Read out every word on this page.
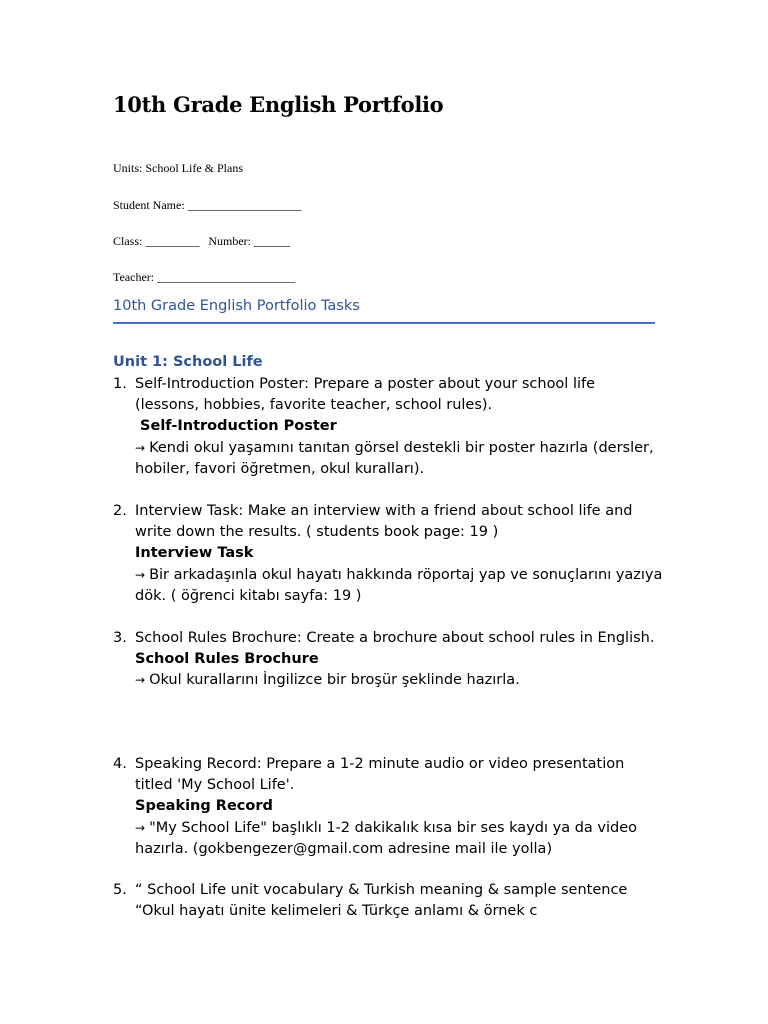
10th Grade English Portfolio
Units: School Life & Plans
Student Name: ___________________
Class: _________   Number: ______
Teacher: _______________________
10th Grade English Portfolio Tasks
Unit 1: School Life
1. Self-Introduction Poster: Prepare a poster about your school life (lessons, hobbies, favorite teacher, school rules).

Self-Introduction Poster
→ Kendi okul yaşamını tanıtan görsel destekli bir poster hazırla (dersler, hobiler, favori öğretmen, okul kuralları).
2. Interview Task: Make an interview with a friend about school life and write down the results. ( students book page: 19 )

Interview Task
→ Bir arkadaşınla okul hayatı hakkında röportaj yap ve sonuçlarını yazıya dök. ( öğrenci kitabı sayfa: 19 )
3. School Rules Brochure: Create a brochure about school rules in English.

School Rules Brochure
→ Okul kurallarını İngilizce bir broşür şeklinde hazırla.
4. Speaking Record: Prepare a 1-2 minute audio or video presentation titled 'My School Life'.

Speaking Record
→ "My School Life" başlıklı 1-2 dakikalık kısa bir ses kaydı ya da video hazırla. (gokbengezer@gmail.com adresine mail ile yolla)
5. “ School Life unit vocabulary & Turkish meaning & sample sentence

“Okul hayatı ünite kelimeleri & Türkçe anlamı & örnek c
